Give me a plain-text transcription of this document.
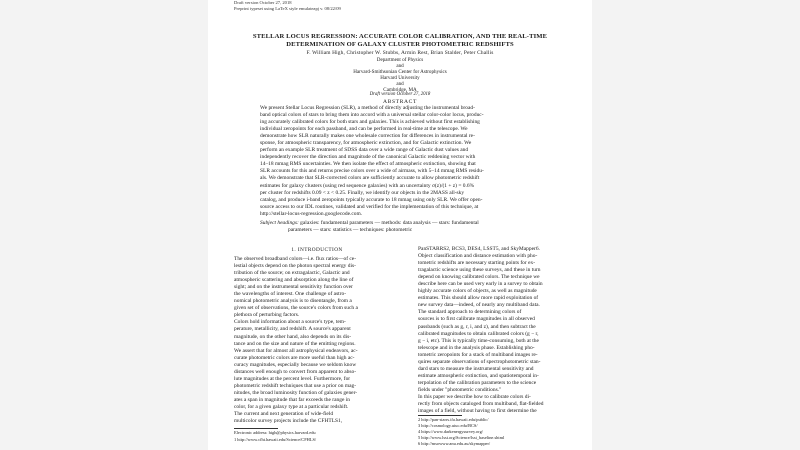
Draft version October 27, 2018
Preprint typeset using LaTeX style emulateapj v. 08/22/09
STELLAR LOCUS REGRESSION: ACCURATE COLOR CALIBRATION, AND THE REAL-TIME
DETERMINATION OF GALAXY CLUSTER PHOTOMETRIC REDSHIFTS
F. William High, Christopher W. Stubbs, Armin Rest, Brian Stalder, Peter Challis
Department of Physics
and
Harvard-Smithsonian Center for Astrophysics
Harvard University
and
Cambridge, MA
Draft version October 27, 2018
ABSTRACT
We present Stellar Locus Regression (SLR), a method of directly adjusting the instrumental broad-
band optical colors of stars to bring them into accord with a universal stellar color-color locus, produc-
ing accurately calibrated colors for both stars and galaxies. This is achieved without first establishing
individual zeropoints for each passband, and can be performed in real-time at the telescope. We
demonstrate how SLR naturally makes one wholesale correction for differences in instrumental re-
sponse, for atmospheric transparency, for atmospheric extinction, and for Galactic extinction. We
perform an example SLR treatment of SDSS data over a wide range of Galactic dust values and
independently recover the direction and magnitude of the canonical Galactic reddening vector with
14–18 mmag RMS uncertainties. We then isolate the effect of atmospheric extinction, showing that
SLR accounts for this and returns precise colors over a wide of airmass, with 5–14 mmag RMS residu-
als. We demonstrate that SLR-corrected colors are sufficiently accurate to allow photometric redshift
estimates for galaxy clusters (using red sequence galaxies) with an uncertainty σ(z)/(1 + z) = 0.6%
per cluster for redshifts 0.09 < z < 0.25. Finally, we identify our objects in the 2MASS all-sky
catalog, and produce i-band zeropoints typically accurate to 18 mmag using only SLR. We offer open-
source access to our IDL routines, validated and verified for the implementation of this technique, at
http://stellar-locus-regression.googlecode.com.
Subject headings: galaxies: fundamental parameters — methods: data analysis — stars: fundamental
parameters — stars: statistics — techniques: photometric
1. INTRODUCTION
The observed broadband colors—i.e. flux ratios—of ce-
lestial objects depend on the photon spectral energy dis-
tribution of the source; on extragalactic, Galactic and
atmospheric scattering and absorption along the line of
sight; and on the instrumental sensitivity function over
the wavelengths of interest. One challenge of astro-
nomical photometric analysis is to disentangle, from a
given set of observations, the source's colors from such a
plethora of perturbing factors.
Colors hold information about a source's type, tem-
perature, metallicity, and redshift. A source's apparent
magnitude, on the other hand, also depends on its dis-
tance and on the size and nature of the emitting regions.
We assert that for almost all astrophysical endeavors, ac-
curate photometric colors are more useful than high ac-
curacy magnitudes, especially because we seldom know
distances well enough to convert from apparent to abso-
lute magnitudes at the percent level. Furthermore, for
photometric redshift techniques that use a prior on mag-
nitudes, the broad luminosity function of galaxies gener-
ates a span in magnitude that far exceeds the range in
color, for a given galaxy type at a particular redshift.
The current and next generation of wide-field
multicolor survey projects include the CFHTLS1,
Electronic address: high@physics.harvard.edu
1 http://www.cfht.hawaii.edu/Science/CFHLS/
PanSTARRS2, BCS3, DES4, LSST5, and SkyMapper6.
Object classification and distance estimation with pho-
tometric redshifts are necessary starting points for ex-
tragalactic science using these surveys, and these in turn
depend on knowing calibrated colors. The technique we
describe here can be used very early in a survey to obtain
highly accurate colors of objects, as well as magnitude
estimates. This should allow more rapid exploitation of
new survey data—indeed, of nearly any multiband data.
The standard approach to determining colors of
sources is to first calibrate magnitudes in all observed
passbands (such as g, r, i, and z), and then subtract the
calibrated magnitudes to obtain calibrated colors (g − r,
g − i, etc). This is typically time-consuming, both at the
telescope and in the analysis phase. Establishing pho-
tometric zeropoints for a stack of multiband images re-
quires separate observations of spectrophotometric stan-
dard stars to measure the instrumental sensitivity and
estimate atmospheric extinction, and spatiotemporal in-
terpolation of the calibration parameters to the science
fields under "photometric conditions."
In this paper we describe how to calibrate colors di-
rectly from objects cataloged from multiband, flat-fielded
images of a field, without having to first determine the
2 http://pan-starrs.ifa.hawaii.edu/public/
3 http://cosmology.uiuc.edu/BCS/
4 https://www.darkenergysurvey.org/
5 http://www.lsst.org/Science/lsst_baseline.shtml
6 http://msowww.anu.edu.au/skymapper/
